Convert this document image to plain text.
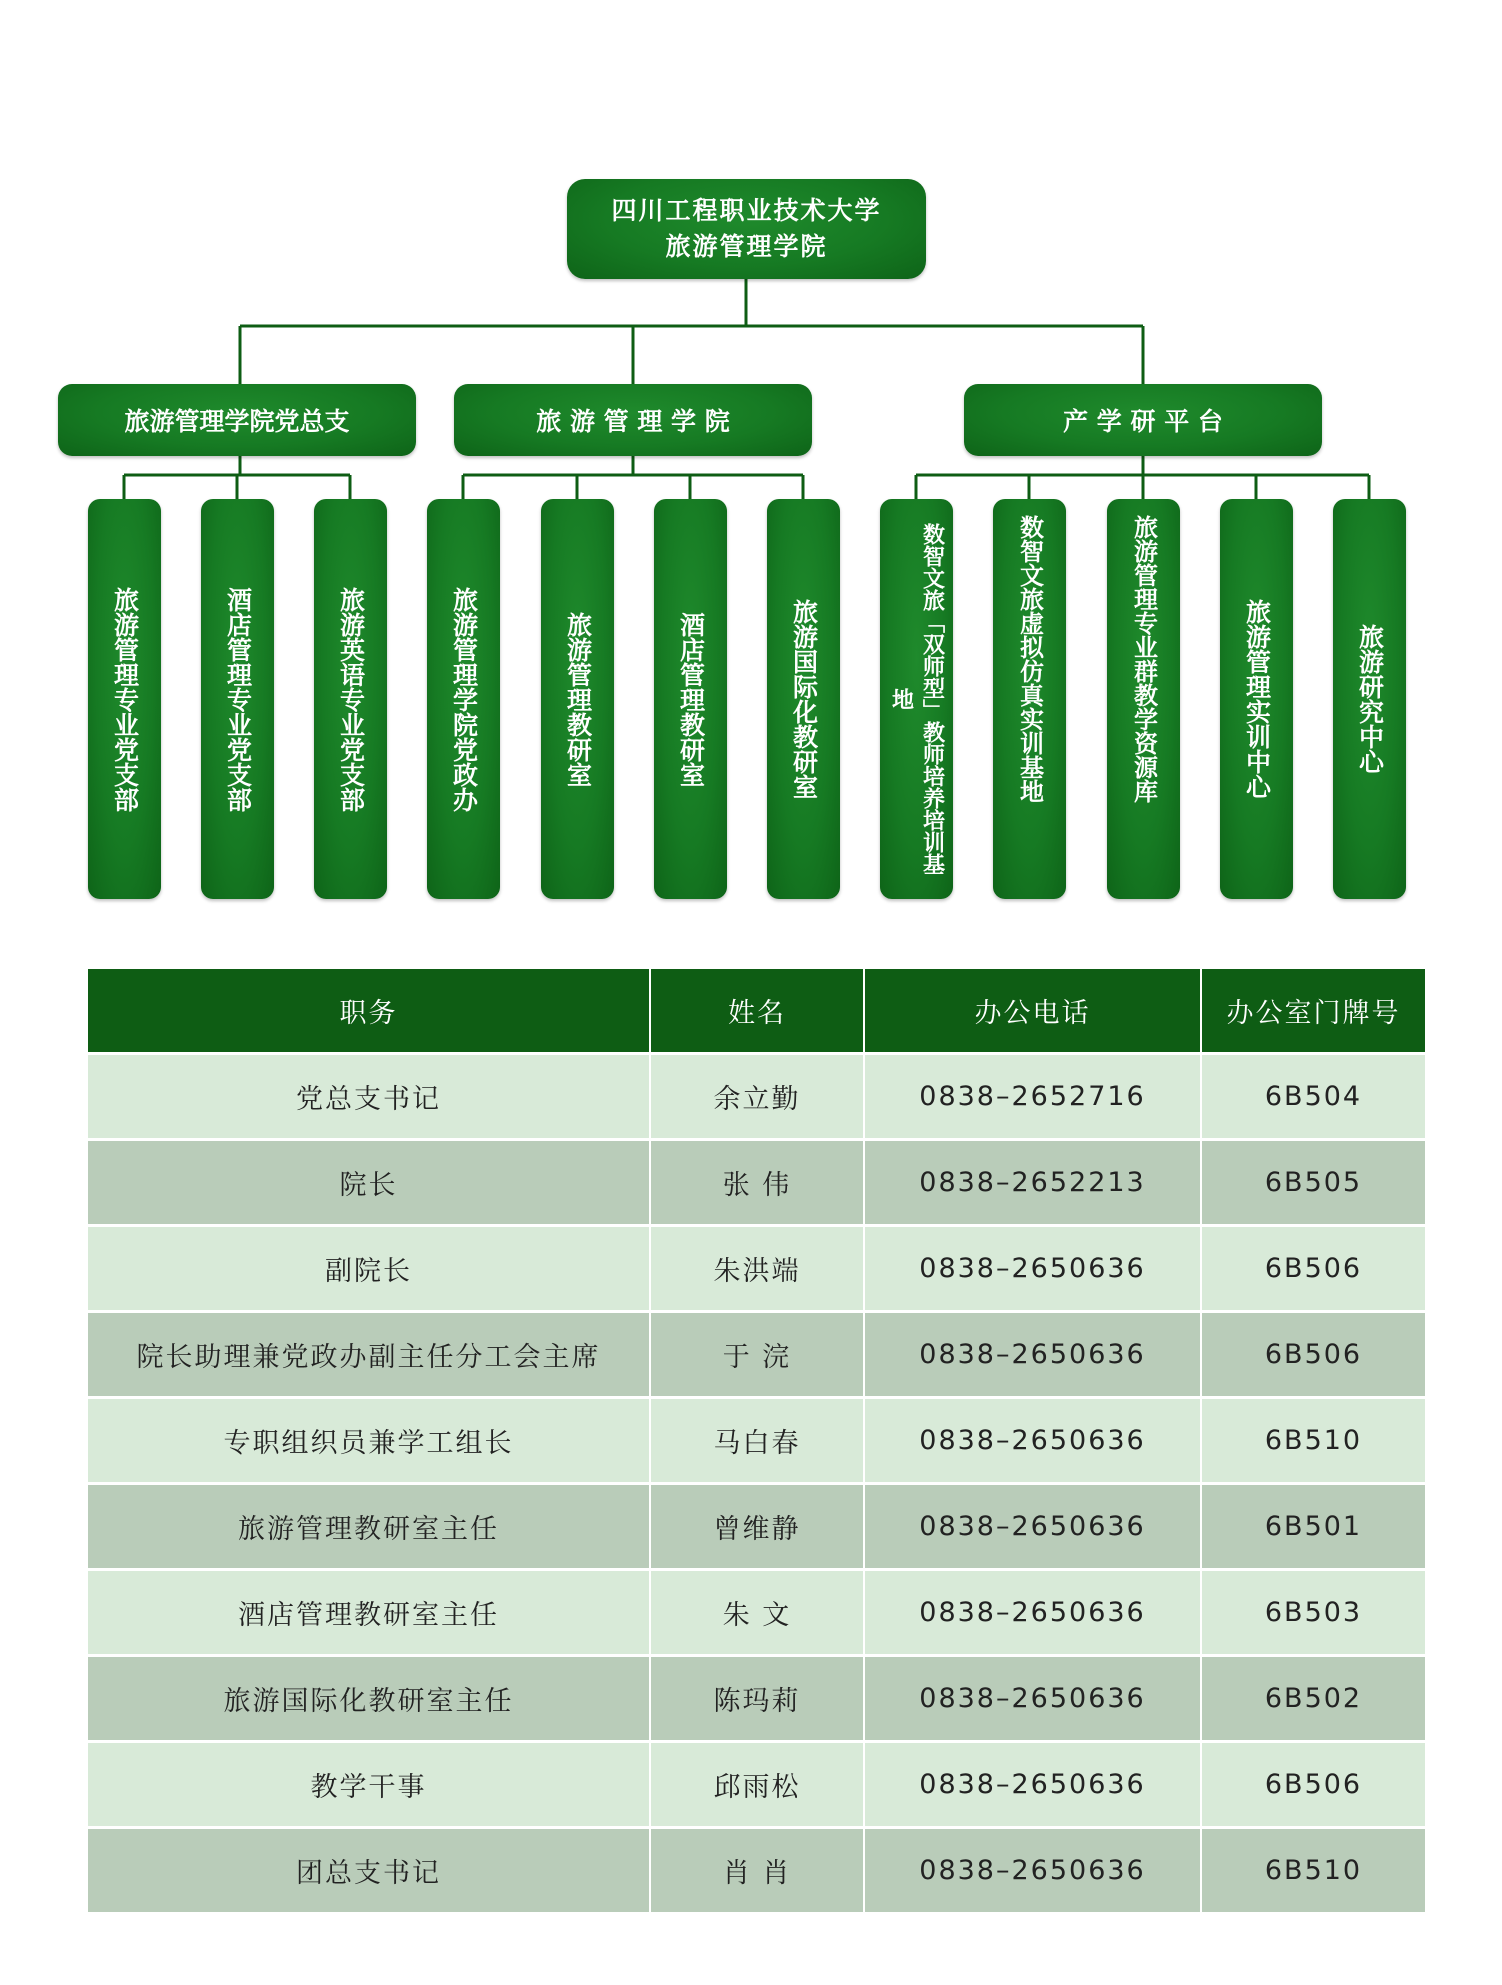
四川工程职业技术大学
旅游管理学院
旅游管理学院党总支	旅 游 管 理 学 院	产 学 研 平 台
旅游管理专业党支部	酒店管理专业党支部	旅游英语专业党支部	旅游管理学院党政办	旅游管理教研室	酒店管理教研室	旅游国际化教研室	数智文旅「双师型」教师培养培训基地	数智文旅虚拟仿真实训基地	旅游管理专业群教学资源库	旅游管理实训中心	旅游研究中心
职务	姓名	办公电话	办公室门牌号
党总支书记	余立勤	0838–2652716	6B504
院长	张 伟	0838–2652213	6B505
副院长	朱洪端	0838–2650636	6B506
院长助理兼党政办副主任分工会主席	于 浣	0838–2650636	6B506
专职组织员兼学工组长	马白春	0838–2650636	6B510
旅游管理教研室主任	曾维静	0838–2650636	6B501
酒店管理教研室主任	朱 文	0838–2650636	6B503
旅游国际化教研室主任	陈玛莉	0838–2650636	6B502
教学干事	邱雨松	0838–2650636	6B506
团总支书记	肖 肖	0838–2650636	6B510
